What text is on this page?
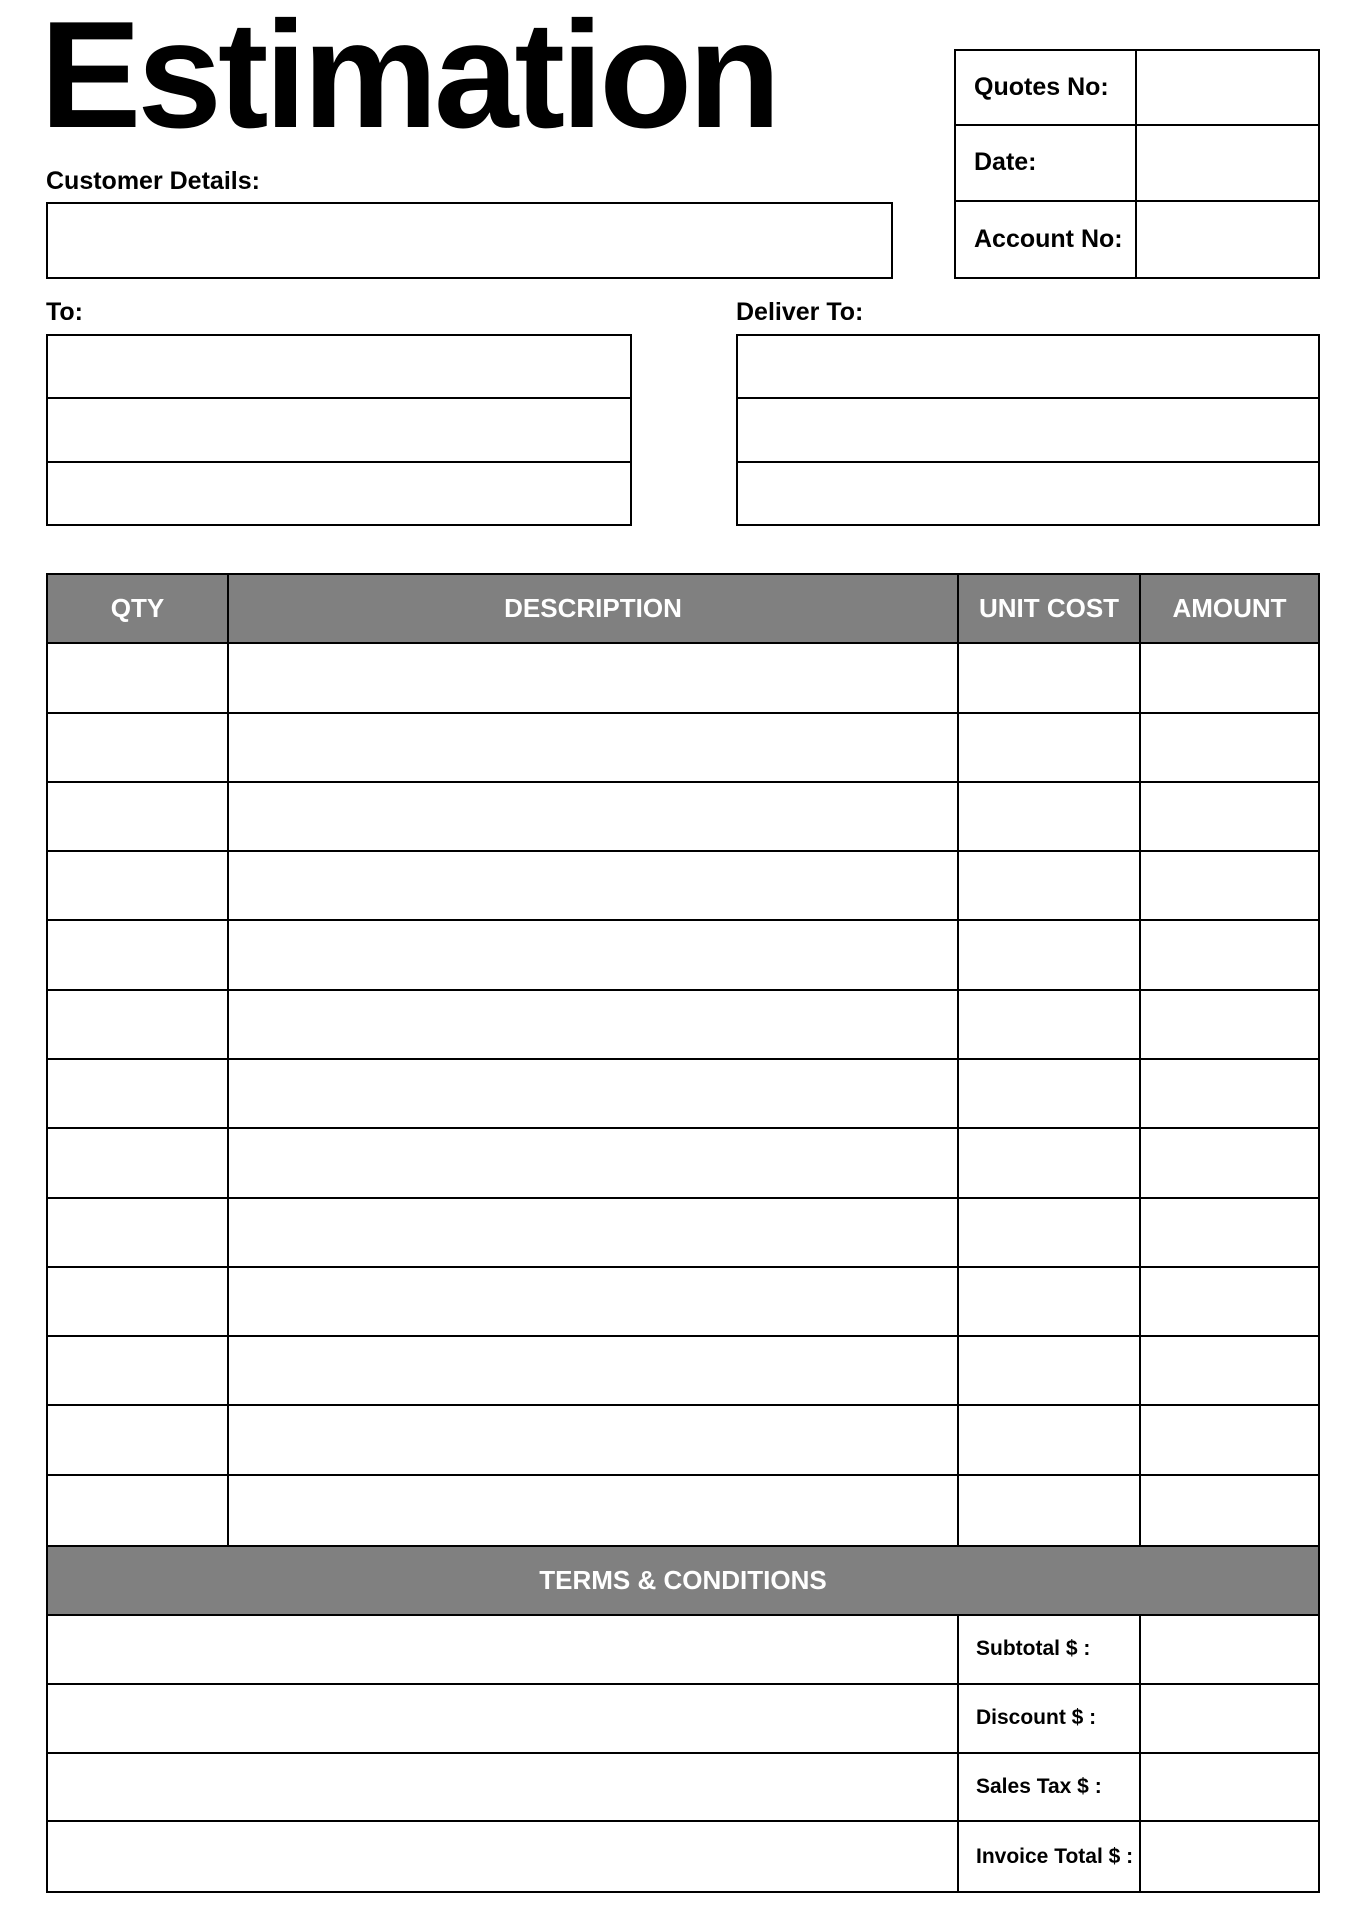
Estimation
Customer Details:
Quotes No:
Date:
Account No:
To:	Deliver To:
QTY	DESCRIPTION	UNIT COST	AMOUNT
TERMS & CONDITIONS
Subtotal $ :
Discount $ :
Sales Tax $ :
Invoice Total $ :
